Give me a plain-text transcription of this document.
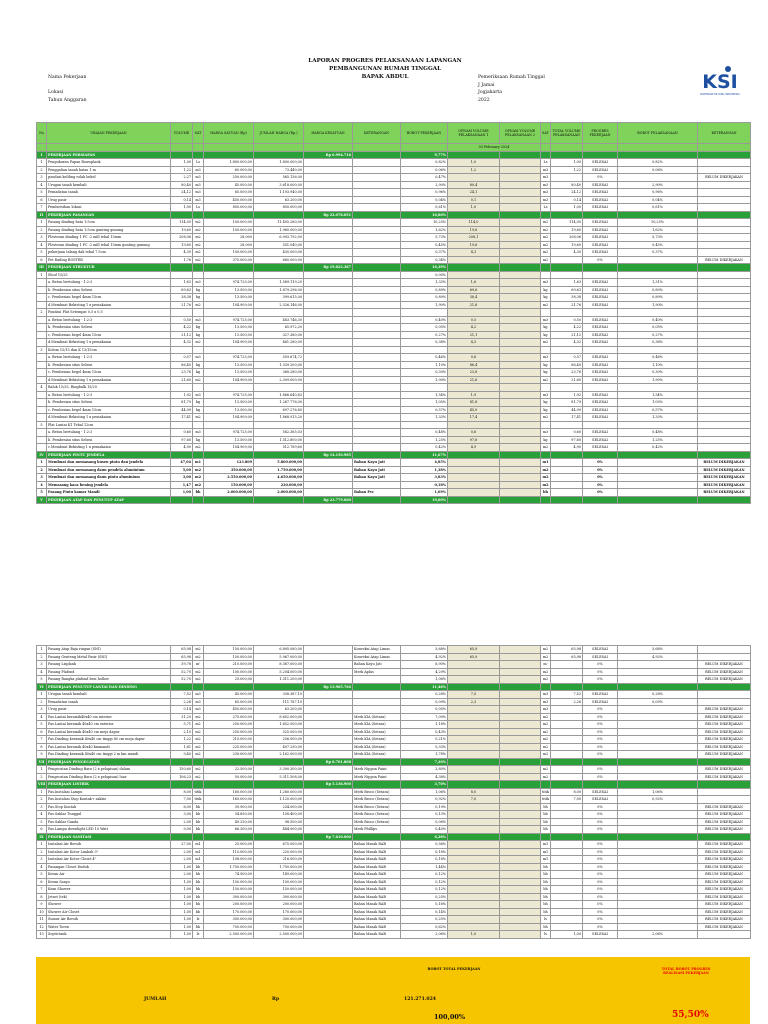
LAPORAN PROGRES PELAKSANAAN LAPANGAN
PEMBANGUNAN RUMAH TINGGAL
BAPAK ABDUL
Nama Pekerjaan
Lokasi
Tahun Anggaran
Pemeriksaan Rumah Tinggal
J Jamai
Jogjakarta
2022
KSI
KONTRAKTOR SIPIL INDONESIA
No	URAIAN PEKERJAAN	VOLUME	SAT	HARGA SATUAN (Rp)	JUMLAH HARGA (Rp.)	HARGA KESATUAN	KETERANGAN	BOBOT PEKERJAAN	OPNAM VOLUME PELAKSANAAN 1	OPNAM VOLUME PELAKSANAAN 2	SAT	TOTAL VOLUME PELAKSANAAN	PROGRES PEKERJAAN	BOBOT PELAKSANAAN	KETERANGAN
									03 February 2024						
I	PEKERJAAN PERSIAPAN					Rp 6.994.716		9,77%							
1	Pengukuran Papan Bouwplank	1,00	Ls	1.800.000,00	1.800.000,00			0,82%	1,0		Ls	1,00	SELESAI	0,82%	
2	Penggalian tanah batas 1 m	1,22	m3	60.000,00	73.440,00			0,06%	1,2		m3	1,22	SELESAI	0,06%	
3	pondasi keliling rolak bekel	2,27	m3	250.000,00	565.136,00			0,47%			m3		0%		BELUM DIKERJAKAN
4	Urugan tanah kembali	80,40	m3	45.000,00	3.618.000,00			2,90%	80,4		m3	80,40	SELESAI	2,90%	
5	Pemadatan tanah	24,12	m3	65.000,00	1.193.940,00			0,96%	24,1		m3	24,12	SELESAI	0,96%	
6	Urug pasir	0,14	m3	450.000,00	63.200,00			0,04%	0,1		m3	0,14	SELESAI	0,04%	
7	Pembersihan lokasi	1,00	Ls	850.000,00	850.000,00			0,61%	1,0		Ls	1,00	SELESAI	0,61%	
II	PEKERJAAN PASANGAN					Rp 22.078.051		16,80%							
1	Pasang dinding bata 1:5cm	114,05	m2	100.000,00	11.405.280,00			10,25%	114,0		m2	114,05	SELESAI	10,25%	
2	Pasang dinding bata 1:5cm gunting gunung	19,60	m2	100.000,00	1.960.000,00			1,62%	19,6		m2	19,60	SELESAI	1,62%	
3	Plesteran dinding 1 PC :2 mill tebal 15mm	208,06	m2	28.000	6.993.792,00			5,73%	208,1		m2	208,06	SELESAI	5,73%	
4	Plesteran dinding 1 PC :2 mill tebal 15mm gunting gunung	19,60	m2	28.000	551.040,00			0,45%	19,6		m2	19,60	SELESAI	0,45%	
5	pekerjaan talang dak tebal 7.5cm	4,30	m2	100.000,00	430.000,00			0,37%	4,3		m2	4,30	SELESAI	0,37%	
6	Pet Railing ROSTER	1,76	m2	375.000,00	660.000,00			0,34%			m2		0%		BELUM DIKERJAKAN
III	PEKERJAAN STRUKTUR					Rp 19.822.387		16,39%							
1	Sloof 15/25							0,00%							
	a. Beton bertulang - 1:2:3	1,63	m3	974.725,00	1.589.119,20			1,33%	1,6		m3	1,63	SELESAI	1,31%	
	b. Pembesian sitas Sebesi	69,63	kg	13.500,00	1.879.296,00			0,89%	69,6		kg	69,63	SELESAI	0,89%	
	c. Pembesian begel 4mm 15cm	38,38	kg	13.500,00	399.615,00			0,89%	38,4		kg	38,38	SELESAI	0,89%	
	d.Membuat Bekisting 1 x pemakaian	21,76	m2	104.909,00	2.326.146,00			1,90%	21,8		m2	21,76	SELESAI	1,90%	
2	Pondasi Plat Setempat 0,5 x 0,5														
	a. Beton bertulang - 1:2:3	0,50	m3	974.725,00	483.746,30			0,40%	0,5		m3	0,50	SELESAI	0,40%	
	b. Pembesian sitas Sebesi	4,22	kg	13.500,00	65.972,20			0,05%	4,2		kg	4,22	SELESAI	0,05%	
	c. Pembesian begel 4mm 15cm	21,12	kg	13.500,00	327.360,00			0,27%	21,1		kg	21,12	SELESAI	0,27%	
	d.Membuat Bekisting 1 x pemakaian	4,32	m2	104.909,00	461.280,00			0,38%	4,3		m2	4,32	SELESAI	0,38%	
3	Kolom 15/15 dan K 13/15cm														
	a. Beton bertulang - 1:2:3	0,57	m3	974.725,00	559.674,72			0,46%	0,6		m3	0,57	SELESAI	0,46%	
	b. Pembesian sitas Sebesi	86,40	kg	13.500,00	1.339.200,00			1,10%	86,4		kg	86,40	SELESAI	1,10%	
	c. Pembesian begel 4mm 15cm	23,76	kg	13.500,00	368.280,00			0,30%	23,8		kg	23,76	SELESAI	0,30%	
	d.Membuat Bekisting 1 x pemakaian	21,60	m2	104.909,00	2.309.000,00			1,90%	21,6		m2	21,60	SELESAI	1,90%	
4	Balok 15/25, Ringbalk 15/20														
	a. Beton bertulang - 1:2:3	1,92	m3	974.725,00	1.866.640,83			1,54%	1,9		m3	1,92	SELESAI	1,54%	
	b. Pembesian sitas Sebesi	81,79	kg	13.500,00	1.267.776,00			1,05%	81,8		kg	81,79	SELESAI	1,05%	
	c. Pembesian begel 4mm 15cm	44,99	kg	13.500,00	697.276,80			0,57%	45,0		kg	44,99	SELESAI	0,57%	
	d.Membuat Bekisting 1 x pemakaian	17,41	m2	104.909,00	1.868.915,20			1,33%	17,4		m2	17,41	SELESAI	1,33%	
5	Plat Lantai K1 Tebal 12cm														
	a. Beton bertulang - 1:2:3	0,60	m3	974.725,00	582.365,03			0,48%	0,6		m3	0,60	SELESAI	0,48%	
	b. Pembesian sitas Sebesi	97,60	kg	13.500,00	1.512.800,00			1,25%	97,6		kg	97,60	SELESAI	1,25%	
	c.Membuat Bekisting 1 x pemakaian	4,90	m2	104.909,00	512.789,60			0,42%	4,9		m2	4,90	SELESAI	0,42%	
IV	PEKERJAAN PINTU JENDELA					Rp 14.150.985		11,67%							
1	Membuat dan memasang kusen pintu dan jendela	47,04	m1	123.809	5.800.000,00		Bahan Kayu Jati	4,85%			m1		0%		BELUM DIKERJAKAN
2	Membuat dan memasang daun pendela aluminium	5,00	m2	350.000,00	1.750.000,00		Bahan Kayu Jati	1,38%			m2		0%		BELUM DIKERJAKAN
3	Membuat dan memasang daun pintu aluminium	3,00	m2	2.550.000,00	4.650.000,00		Bahan Kayu Jati	3,83%			m2		0%		BELUM DIKERJAKAN
4	Memasang kaca bening jendela	1,47	m2	150.000,00	220.000,00			0,18%			m2		0%		BELUM DIKERJAKAN
5	Pasang Pintu kamar Mandi	1,00	bh	2.000.000,00	2.000.000,00		Bahan Pvc	1,69%			bh		0%		BELUM DIKERJAKAN
V	PEKERJAAN ATAP DAN PENUTUP ATAP					Rp 23.779.060		19,60%							
1	Pasang Atap Baja ringan (SNI)	65,98	m2	150.000,00	6.895.080,00		Konveksi Atap Limas	5,68%	65,9		m2	65,98	SELESAI	5,68%	
2	Pasang Genteng Metal Pasir (SNI)	65,98	m2	150.000,00	5.967.000,00		Konveksi Atap Limas	4,92%	65,9		m2	65,98	SELESAI	4,92%	
3	Pasang Lisplank	39,78	m'	210.000,00	8.367.000,00		Bahan Kayu Jati	6,90%			m'		0%		BELUM DIKERJAKAN
4	Pasang Plafond	52,70	m2	100.000,00	5.204.000,00		Merk Aplus	4,29%			m2		0%		BELUM DIKERJAKAN
5	Pasang Rangka plafond besi hollow	52,70	m2	25.000,00	1.311.200,00			1,08%			m2		0%		BELUM DIKERJAKAN
VI	PEKERJAAN PENUTUP LANTAI DAN DINDING					Rp 13.965.764		11,46%							
1	Urugan tanah kembali	7,52	m3	45.000,00	338.387,10			0,28%	7,5		m3	7,52	SELESAI	0,28%	
2	Pemadatan tanah	2,26	m3	65.000,00	111.787,10			0,09%	2,3		m3	2,26	SELESAI	0,09%	
3	Urug pasir	0,14	m3	450.000,00	63.200,00			0,05%			m3		0%		BELUM DIKERJAKAN
4	Pas.Lantai keramik40x40 cm interior	31,20	m2	275.000,00	8.602.000,00		Merk KIA (Setara)	7,09%			m2		0%		BELUM DIKERJAKAN
5	Pas.Lantai keramik 40x40 cm exterior	5,71	m2	250.000,00	1.652.500,00		Merk KIA (Setara)	1,18%			m2		0%		BELUM DIKERJAKAN
6	Pas.Lantai keramik 40x40 cm meja dapur	2,10	m2	250.000,00	525.000,00		Merk KIA (Setara)	0,43%			m2		0%		BELUM DIKERJAKAN
7	Pas.Dinding keramik 40x40 cm tinggi 80 cm meja dapur	1,22	m2	210.000,00	256.000,00		Merk KIA (Setara)	0,21%			m2		0%		BELUM DIKERJAKAN
8	Pas.Lantai keramik 40x40 kmmandi	1,81	m2	225.000,00	407.250,00		Merk KIA (Setara)	0,33%			m2		0%		BELUM DIKERJAKAN
9	Pas.Dinding keramik 40x40 cm tinggi 2 m km mandi	9,40	m2	230.000,00	2.162.000,00		Merk KIA (Setara)	1,78%			m2		0%		BELUM DIKERJAKAN
VII	PEKERJAAN PENGECATAN					Rp 8.701.808		7,20%							
1	Pengecatan Dinding Baru (2 x pelapisan) dalam	150,60	m2	22.500,00	3.390.300,00		Merk Nippon Paint	2,80%			m2		0%		BELUM DIKERJAKAN
2	Pengecatan Dinding Baru (2 x pelapisan) luar	106,23	m2	50.000,00	5.311.508,00		Merk Nippon Paint	4,38%			m2		0%		BELUM DIKERJAKAN
VIII	PEKERJAAN LISTRIK					Rp 5.136.900		3,70%							
1	Pas.Instalasi Lampu	8,00	titik	160.000,00	1.280.000,00		Merk Broco (Setara)	1,06%	8,0		titik	8,00	SELESAI	1,06%	
2	Pas.Instalasi Stop Kontak+ saklar	7,00	titik	160.000,00	1.120.000,00		Merk Broco (Setara)	0,92%	7,0		titik	7,00	SELESAI	0,92%	
3	Pas.Stop Kontak	6,00	bh	39.900,00	234.000,00		Merk Broco (Setara)	0,19%			bh		0%		BELUM DIKERJAKAN
4	Pas.Saklar Tunggal	3,00	bh	34.650,00	158.400,00		Merk Broco (Setara)	0,13%			bh		0%		BELUM DIKERJAKAN
5	Pas.Saklar Ganda	2,00	bh	49.250,00	98.500,00		Merk Broco (Setara)	0,08%			bh		0%		BELUM DIKERJAKAN
6	Pas.Lampu downlight LED 10 Watt	9,00	bh	66.300,00	484.000,00		Merk Phillips	0,40%			bh		0%		BELUM DIKERJAKAN
IX	PEKERJAAN SANITASI					Rp 7.610.000		6,28%							
1	Instalasi Air Bersih	27,00	m1	25.000,00	675.000,00		Bahan Masak RAB	0,56%			m1		0%		BELUM DIKERJAKAN
2	Instalasi Air Kotor Limbah 3"	2,00	m1	110.000,00	220.000,00		Bahan Masak RAB	0,18%			m1		0%		BELUM DIKERJAKAN
3	Instalasi Air Kotor Closet 4"	2,00	m1	108.000,00	216.000,00		Bahan Masak RAB	0,18%			m1		0%		BELUM DIKERJAKAN
4	Pasangan Closet Duduk	1,00	bh	1.750.000,00	1.750.000,00		Bahan Masak RAB	1,44%			bh		0%		BELUM DIKERJAKAN
5	Keran Air	2,00	bh	74.500,00	149.000,00		Bahan Masak RAB	0,12%			bh		0%		BELUM DIKERJAKAN
6	Keran Sanyo	1,00	bh	150.000,00	150.000,00		Bahan Masak RAB	0,12%			bh		0%		BELUM DIKERJAKAN
7	Kran Shower	1,00	bh	150.000,00	150.000,00		Bahan Masak RAB	0,12%			bh		0%		BELUM DIKERJAKAN
8	Jetset (tek)	1,00	bh	300.000,00	300.000,00		Bahan Masak RAB	0,25%			bh		0%		BELUM DIKERJAKAN
9	Shower	1,00	bh	200.000,00	200.000,00		Bahan Masak RAB	0,16%			bh		0%		BELUM DIKERJAKAN
10	Shower Air Closet	1,00	bh	170.000,00	170.000,00		Bahan Masak RAB	0,14%			bh		0%		BELUM DIKERJAKAN
11	Sumur Air Bersih	1,00	ls	300.000,00	300.000,00		Bahan Masak RAB	0,25%			ls		0%		BELUM DIKERJAKAN
12	Water Toren	1,00	bh	750.000,00	750.000,00		Bahan Masak RAB	0,62%			bh		0%		BELUM DIKERJAKAN
13	Septictank	1,00	ls	2.500.000,00	2.500.000,00		Bahan Masak RAB	2,06%	1,0		ls	1,00	SELESAI	2,06%	
JUMLAH	Rp	121.271.024
BOBOT TOTAL PEKERJAAN
100,00%
TOTAL BOBOT PROGRES REALISASI PEKERJAAN
55,50%
